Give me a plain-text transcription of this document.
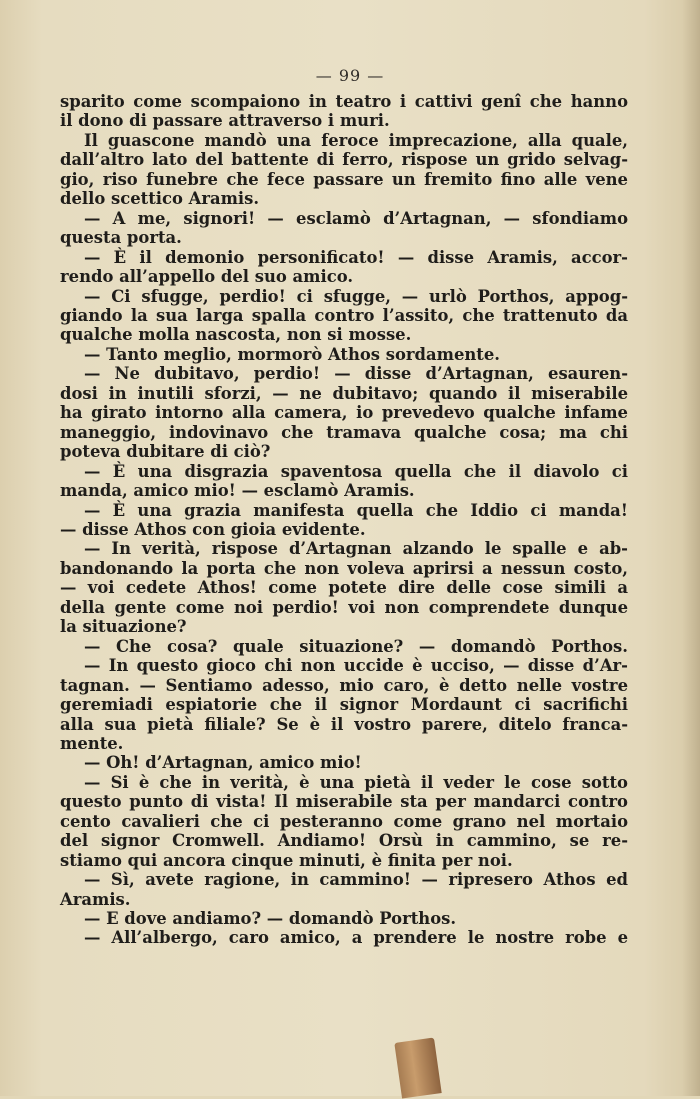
— 99 —

sparito come scompaiono in teatro i cattivi genî che hanno

il dono di passare attraverso i muri.

Il guascone mandò una feroce imprecazione, alla quale,

dall’altro lato del battente di ferro, rispose un grido selvag-

gio, riso funebre che fece passare un fremito fino alle vene

dello scettico Aramis.

— A me, signori! — esclamò d’Artagnan, — sfondiamo

questa porta.

— È il demonio personificato! — disse Aramis, accor-

rendo all’appello del suo amico.

— Ci sfugge, perdio! ci sfugge, — urlò Porthos, appog-

giando la sua larga spalla contro l’assito, che trattenuto da

qualche molla nascosta, non si mosse.

— Tanto meglio, mormorò Athos sordamente.

— Ne dubitavo, perdio! — disse d’Artagnan, esauren-

dosi in inutili sforzi, — ne dubitavo; quando il miserabile

ha girato intorno alla camera, io prevedevo qualche infame

maneggio, indovinavo che tramava qualche cosa; ma chi

poteva dubitare di ciò?

— È una disgrazia spaventosa quella che il diavolo ci

manda, amico mio! — esclamò Aramis.

— È una grazia manifesta quella che Iddio ci manda!

— disse Athos con gioia evidente.

— In verità, rispose d’Artagnan alzando le spalle e ab-

bandonando la porta che non voleva aprirsi a nessun costo,

— voi cedete Athos! come potete dire delle cose simili a

della gente come noi perdio! voi non comprendete dunque

la situazione?

— Che cosa? quale situazione? — domandò Porthos.

— In questo gioco chi non uccide è ucciso, — disse d’Ar-

tagnan. — Sentiamo adesso, mio caro, è detto nelle vostre

geremiadi espiatorie che il signor Mordaunt ci sacrifichi

alla sua pietà filiale? Se è il vostro parere, ditelo franca-

mente.

— Oh! d’Artagnan, amico mio!

— Si è che in verità, è una pietà il veder le cose sotto

questo punto di vista! Il miserabile sta per mandarci contro

cento cavalieri che ci pesteranno come grano nel mortaio

del signor Cromwell. Andiamo! Orsù in cammino, se re-

stiamo qui ancora cinque minuti, è finita per noi.

— Sì, avete ragione, in cammino! — ripresero Athos ed

Aramis.

— E dove andiamo? — domandò Porthos.

— All’albergo, caro amico, a prendere le nostre robe e
